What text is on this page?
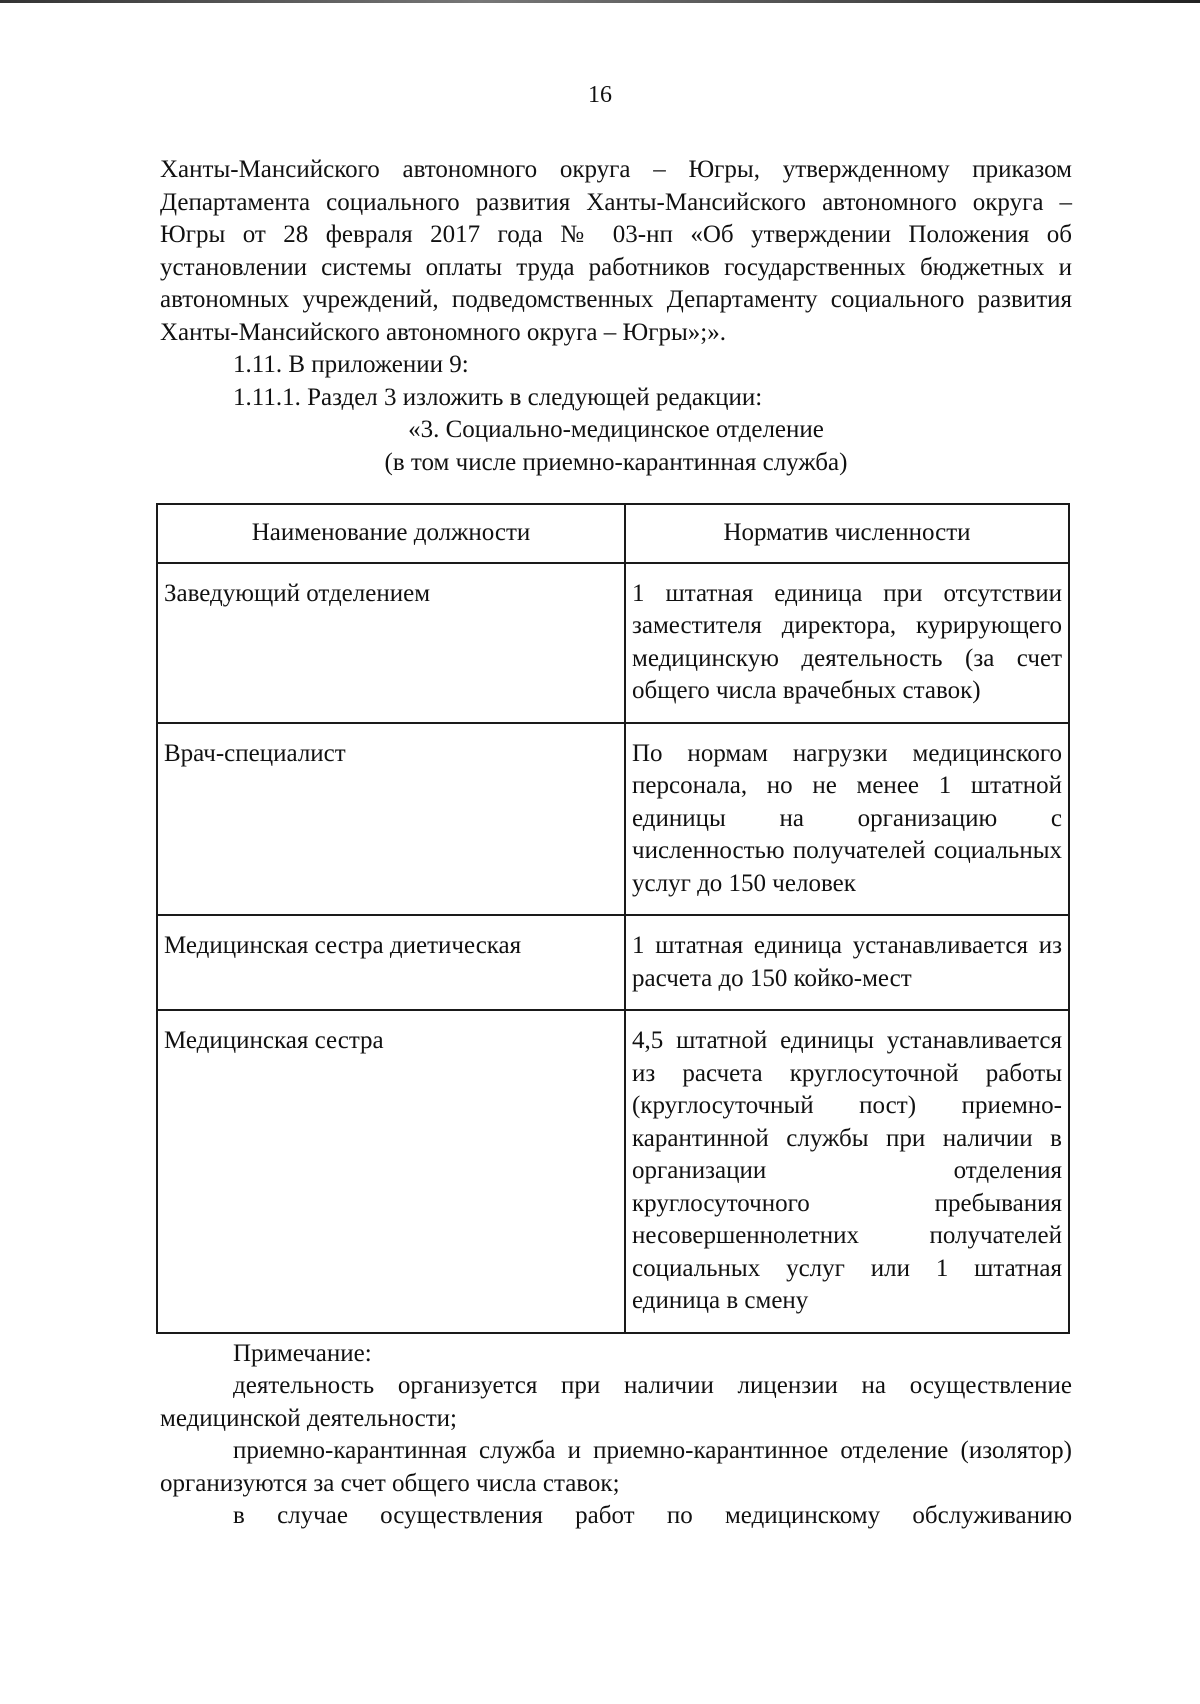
16

Ханты-Мансийского автономного округа – Югры, утвержденному приказом Департамента социального развития Ханты-Мансийского автономного округа – Югры от 28 февраля 2017 года № 03-нп «Об утверждении Положения об установлении системы оплаты труда работников государственных бюджетных и автономных учреждений, подведомственных Департаменту социального развития

Ханты-Мансийского автономного округа – Югры»;».

1.11. В приложении 9:

1.11.1. Раздел 3 изложить в следующей редакции:

«3. Социально-медицинское отделение

(в том числе приемно-карантинная служба)

Наименование должности	Норматив численности
Заведующий отделением	1 штатная единица при отсутствии заместителя директора, курирующего медицинскую деятельность (за счет общего числа врачебных ставок)
Врач-специалист	По нормам нагрузки медицинского персонала, но не менее 1 штатной единицы на организацию с численностью получателей социальных услуг до 150 человек
Медицинская сестра диетическая	1 штатная единица устанавливается из расчета до 150 койко-мест
Медицинская сестра	4,5 штатной единицы устанавливается из расчета круглосуточной работы (круглосуточный пост) приемно-карантинной службы при наличии в организации отделения круглосуточного пребывания несовершеннолетних получателей социальных услуг или 1 штатная единица в смену

Примечание:

деятельность организуется при наличии лицензии на осуществление медицинской деятельности;

приемно-карантинная служба и приемно-карантинное отделение (изолятор) организуются за счет общего числа ставок;

в случае осуществления работ по медицинскому обслуживанию
